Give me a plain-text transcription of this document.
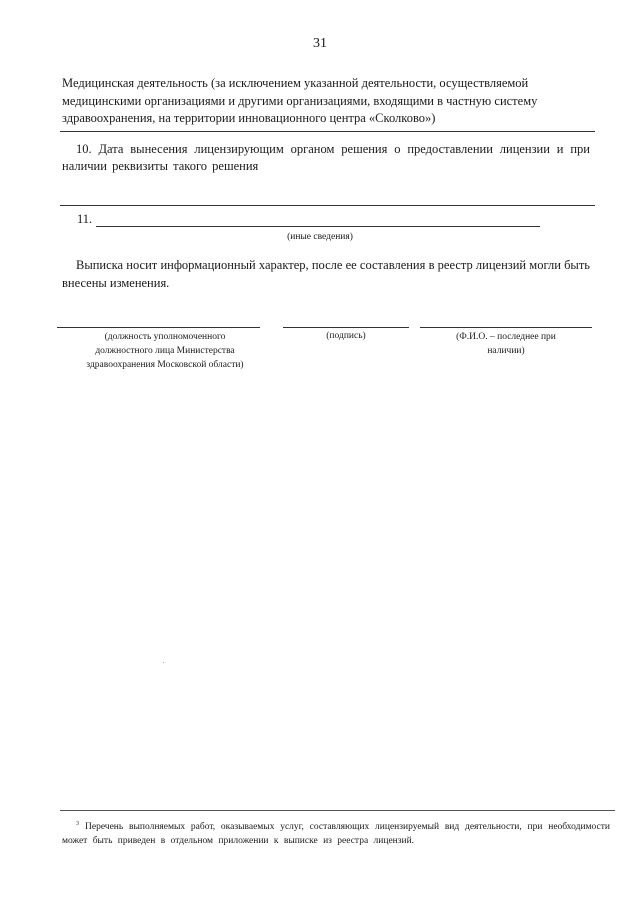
31
Медицинская деятельность (за исключением указанной деятельности, осуществляемой медицинскими организациями и другими организациями, входящими в частную систему здравоохранения, на территории инновационного центра «Сколково»)
10. Дата вынесения лицензирующим органом решения о предоставлении лицензии и при наличии реквизиты такого решения
11.
(иные сведения)
Выписка носит информационный характер, после ее составления в реестр лицензий могли быть внесены изменения.
(должность уполномоченного должностного лица Министерства здравоохранения Московской области)
(подпись)	(Ф.И.О. – последнее при наличии)
$^3$ Перечень выполняемых работ, оказываемых услуг, составляющих лицензируемый вид деятельности, при необходимости может быть приведен в отдельном приложении к выписке из реестра лицензий.
